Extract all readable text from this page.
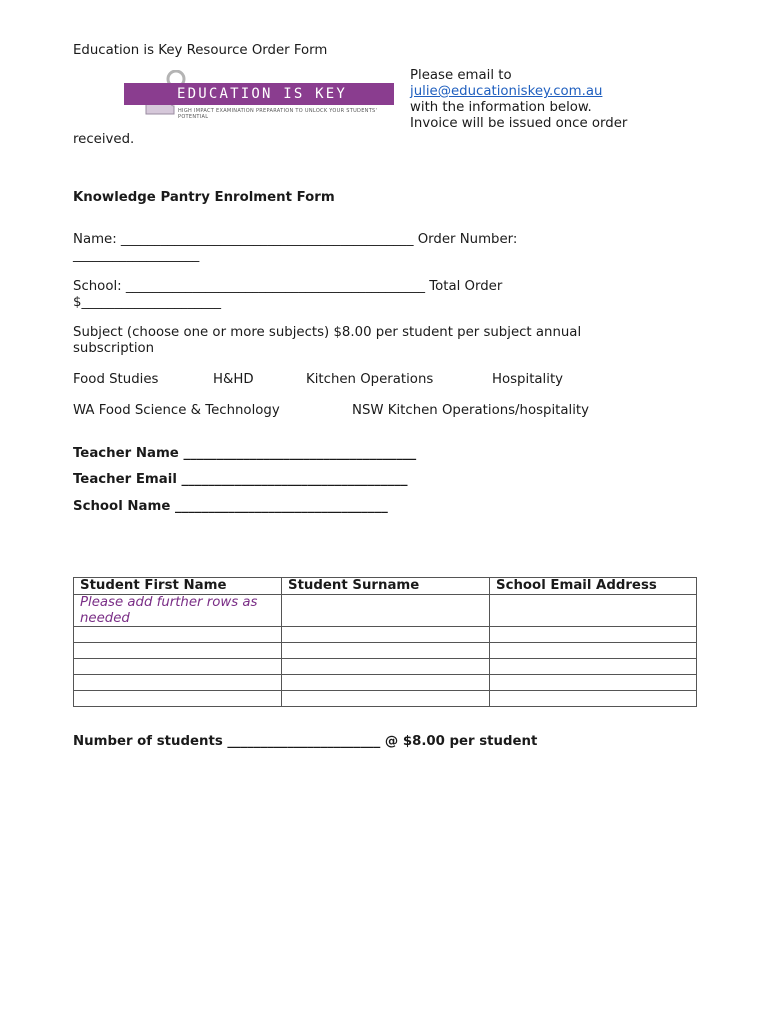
Education is Key Resource Order Form
EDUCATION IS KEY
HIGH IMPACT EXAMINATION PREPARATION TO UNLOCK YOUR STUDENTS' POTENTIAL
Please email to
julie@educationiskey.com.au
with the information below.
Invoice will be issued once order
received.
Knowledge Pantry Enrolment Form
Name: ____________________________________________ Order Number:
___________________
School: _____________________________________________ Total Order
$_____________________
Subject (choose one or more subjects) $8.00 per student per subject annual
subscription
Food Studies	H&HD	Kitchen Operations	Hospitality
WA Food Science & Technology	NSW Kitchen Operations/hospitality
Teacher Name ___________________________________
Teacher Email __________________________________
School Name ________________________________
Student First Name	Student Surname	School Email Address
Please add further rows as needed		

Number of students _______________________ @ $8.00 per student
